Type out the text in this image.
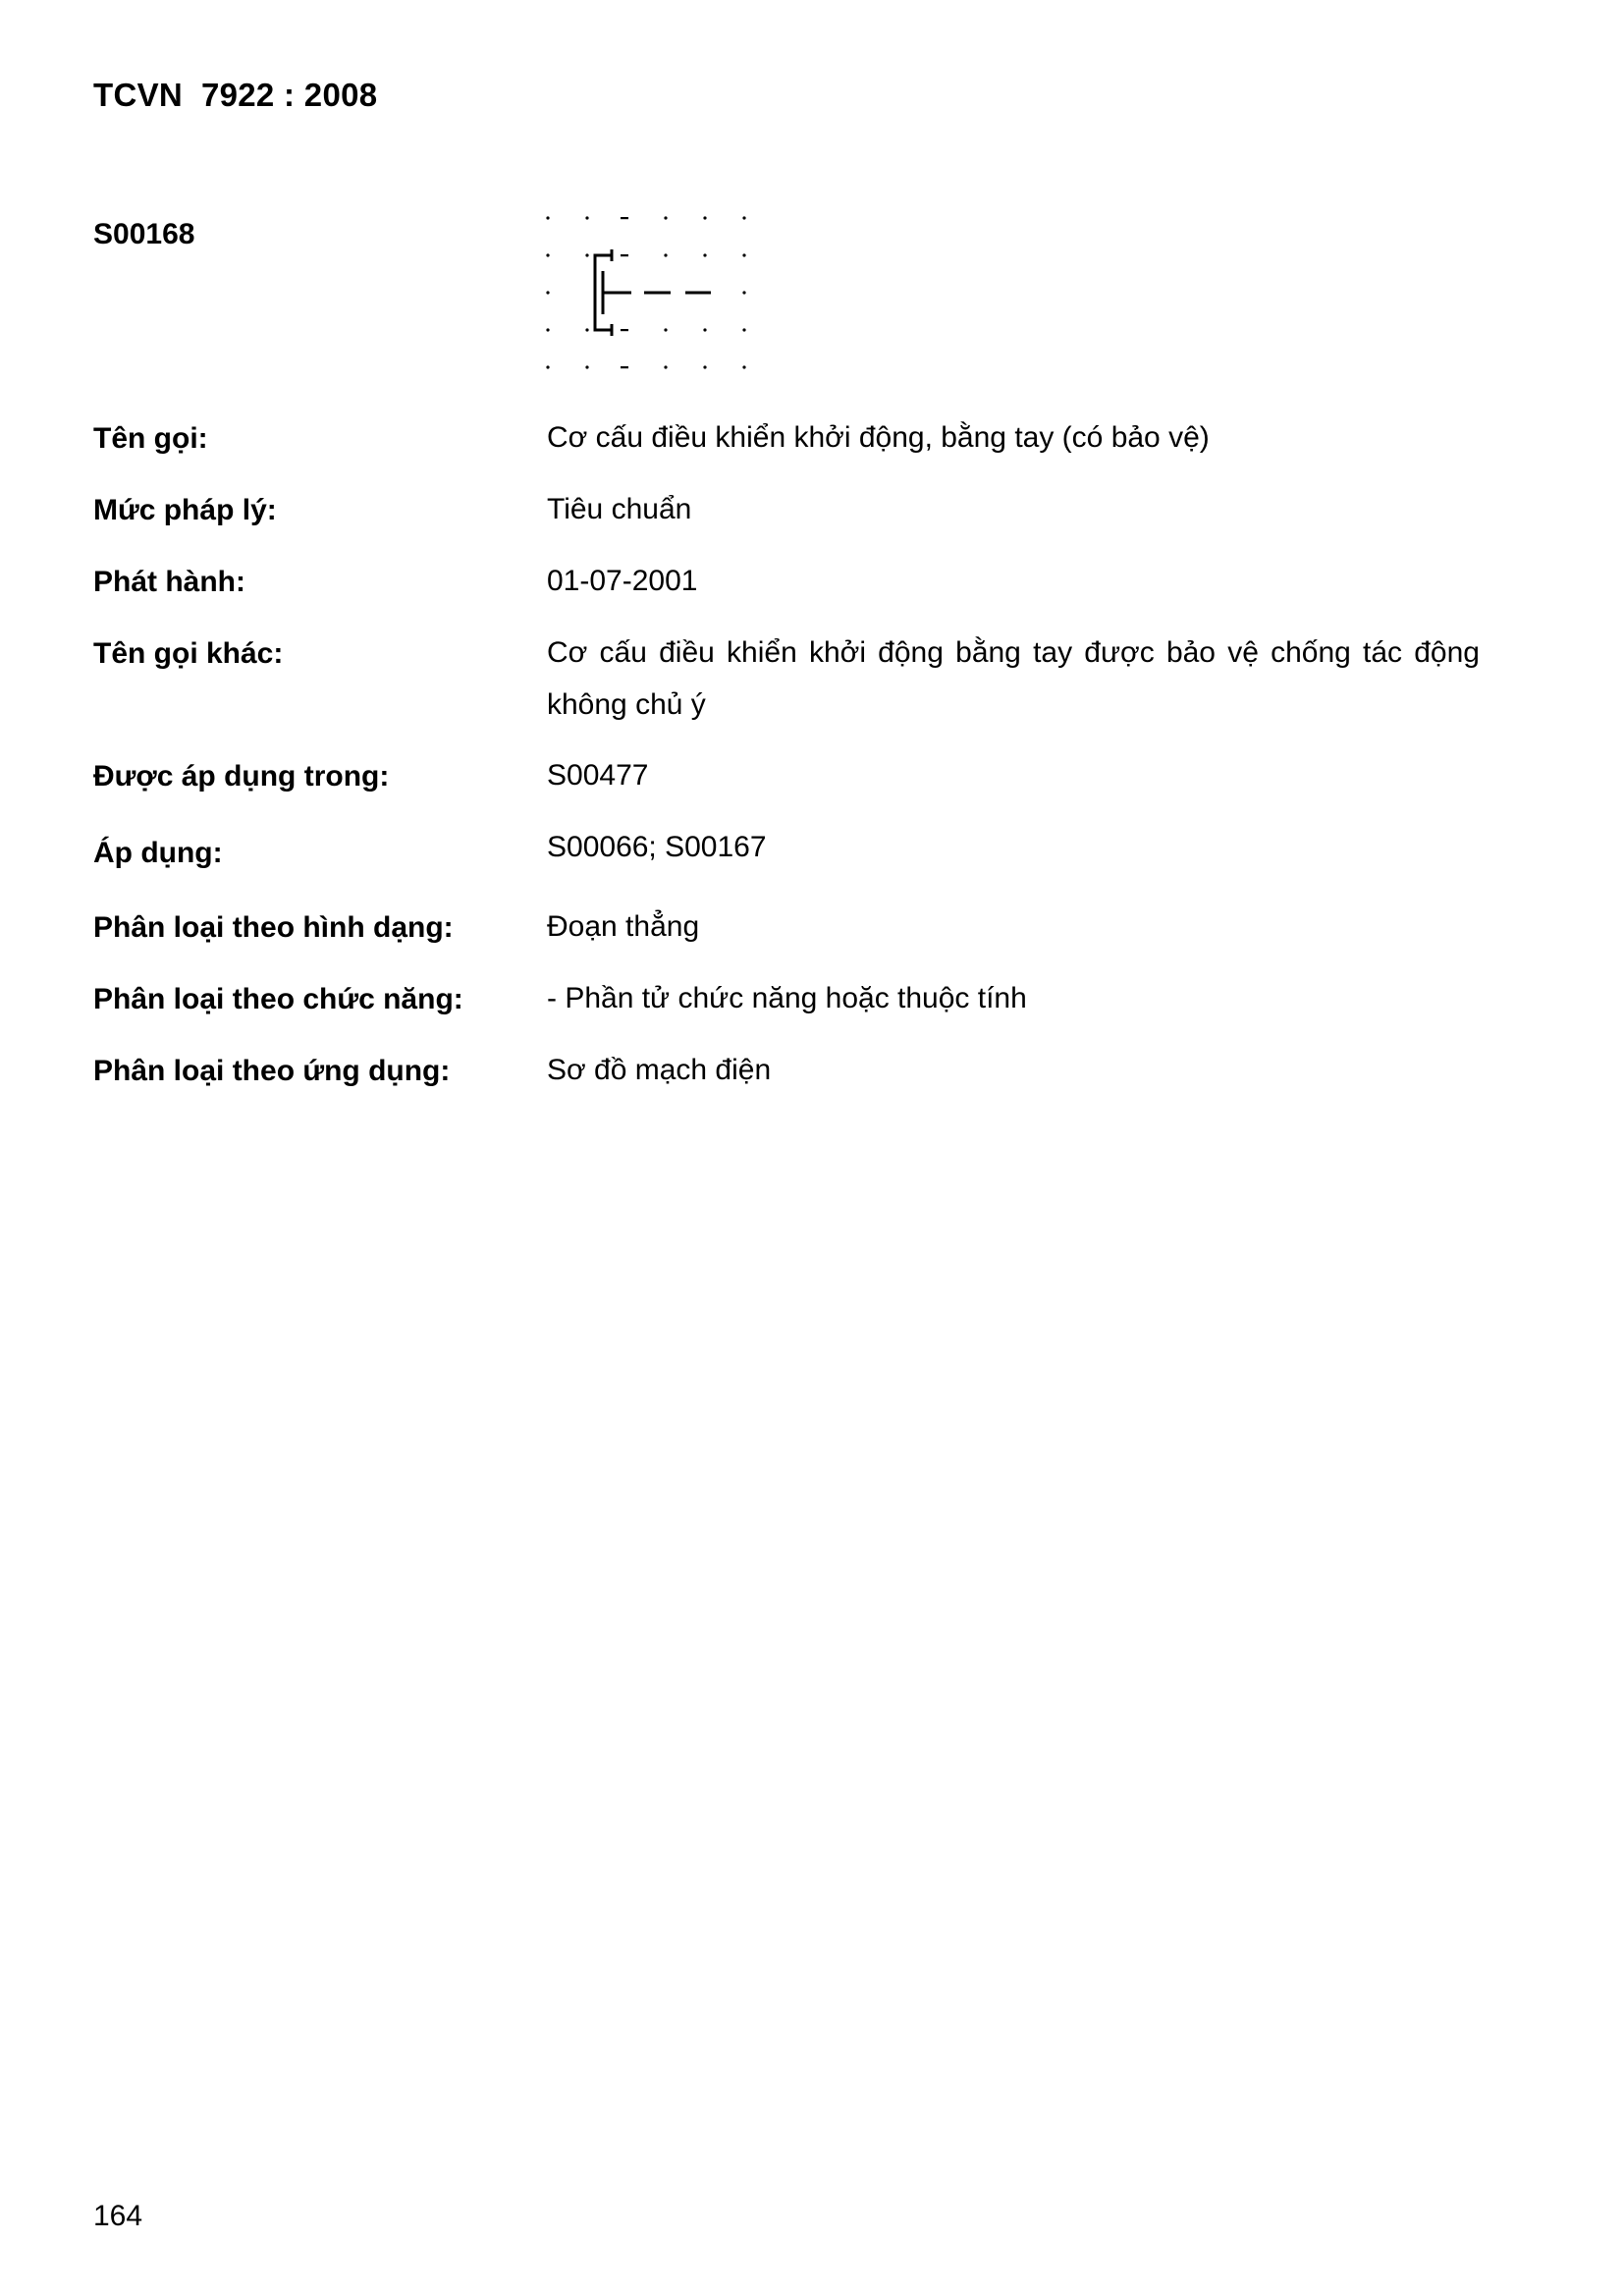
TCVN  7922 : 2008
S00168
Tên gọi:	Cơ cấu điều khiển khởi động, bằng tay (có bảo vệ)
Mức pháp lý:	Tiêu chuẩn
Phát hành:	01-07-2001
Tên gọi khác:	Cơ cấu điều khiển khởi động bằng tay được bảo vệ chống tác động không chủ ý
Được áp dụng trong:	S00477
Áp dụng:	S00066; S00167
Phân loại theo hình dạng:	Đoạn thẳng
Phân loại theo chức năng:	- Phần tử chức năng hoặc thuộc tính
Phân loại theo ứng dụng:	Sơ đồ mạch điện
164
